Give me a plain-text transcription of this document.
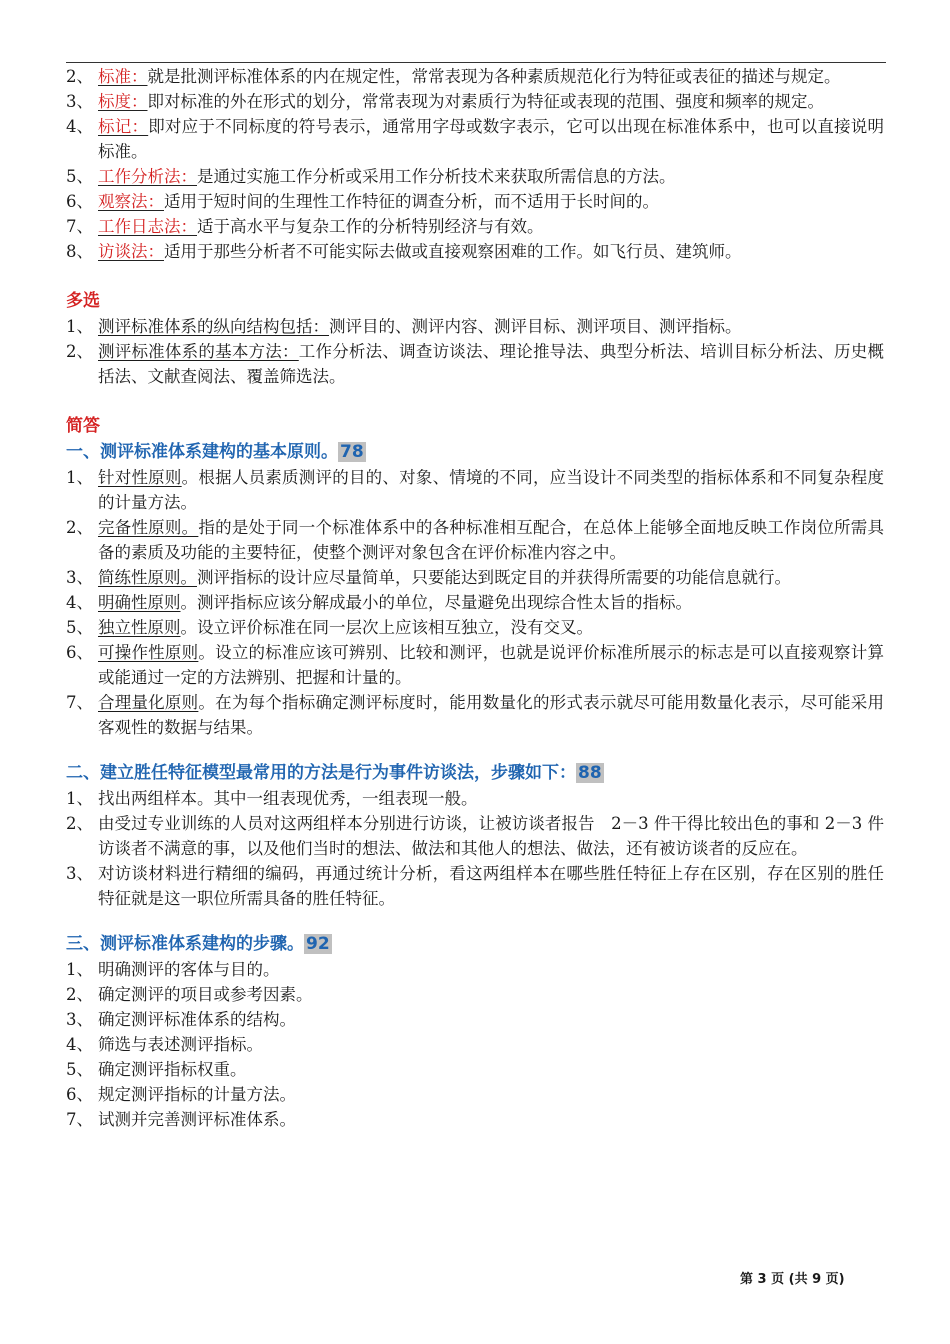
2、 标准：就是批测评标准体系的内在规定性，常常表现为各种素质规范化行为特征或表征的描述与规定。
3、 标度：即对标准的外在形式的划分，常常表现为对素质行为特征或表现的范围、强度和频率的规定。
4、 标记：即对应于不同标度的符号表示，通常用字母或数字表示，它可以出现在标准体系中，也可以直接说明标准。
5、 工作分析法：是通过实施工作分析或采用工作分析技术来获取所需信息的方法。
6、 观察法：适用于短时间的生理性工作特征的调查分析，而不适用于长时间的。
7、 工作日志法：适于高水平与复杂工作的分析特别经济与有效。
8、 访谈法：适用于那些分析者不可能实际去做或直接观察困难的工作。如飞行员、建筑师。
多选
1、 测评标准体系的纵向结构包括：测评目的、测评内容、测评目标、测评项目、测评指标。
2、 测评标准体系的基本方法：工作分析法、调查访谈法、理论推导法、典型分析法、培训目标分析法、历史概括法、文献查阅法、覆盖筛选法。
简答
一、测评标准体系建构的基本原则。 78
1、 针对性原则。根据人员素质测评的目的、对象、情境的不同，应当设计不同类型的指标体系和不同复杂程度的计量方法。
2、 完备性原则。指的是处于同一个标准体系中的各种标准相互配合，在总体上能够全面地反映工作岗位所需具备的素质及功能的主要特征，使整个测评对象包含在评价标准内容之中。
3、 简练性原则。测评指标的设计应尽量简单，只要能达到既定目的并获得所需要的功能信息就行。
4、 明确性原则。测评指标应该分解成最小的单位，尽量避免出现综合性太旨的指标。
5、 独立性原则。设立评价标准在同一层次上应该相互独立，没有交叉。
6、 可操作性原则。设立的标准应该可辨别、比较和测评，也就是说评价标准所展示的标志是可以直接观察计算或能通过一定的方法辨别、把握和计量的。
7、 合理量化原则。在为每个指标确定测评标度时，能用数量化的形式表示就尽可能用数量化表示，尽可能采用客观性的数据与结果。
二、建立胜任特征模型最常用的方法是行为事件访谈法，步骤如下： 88
1、 找出两组样本。其中一组表现优秀，一组表现一般。
2、 由受过专业训练的人员对这两组样本分别进行访谈，让被访谈者报告　2－3 件干得比较出色的事和 2－3 件访谈者不满意的事，以及他们当时的想法、做法和其他人的想法、做法，还有被访谈者的反应在。
3、 对访谈材料进行精细的编码，再通过统计分析，看这两组样本在哪些胜任特征上存在区别，存在区别的胜任特征就是这一职位所需具备的胜任特征。
三、测评标准体系建构的步骤。 92
1、 明确测评的客体与目的。
2、 确定测评的项目或参考因素。
3、 确定测评标准体系的结构。
4、 筛选与表述测评指标。
5、 确定测评指标权重。
6、 规定测评指标的计量方法。
7、 试测并完善测评标准体系。
第 3 页 (共 9 页)
